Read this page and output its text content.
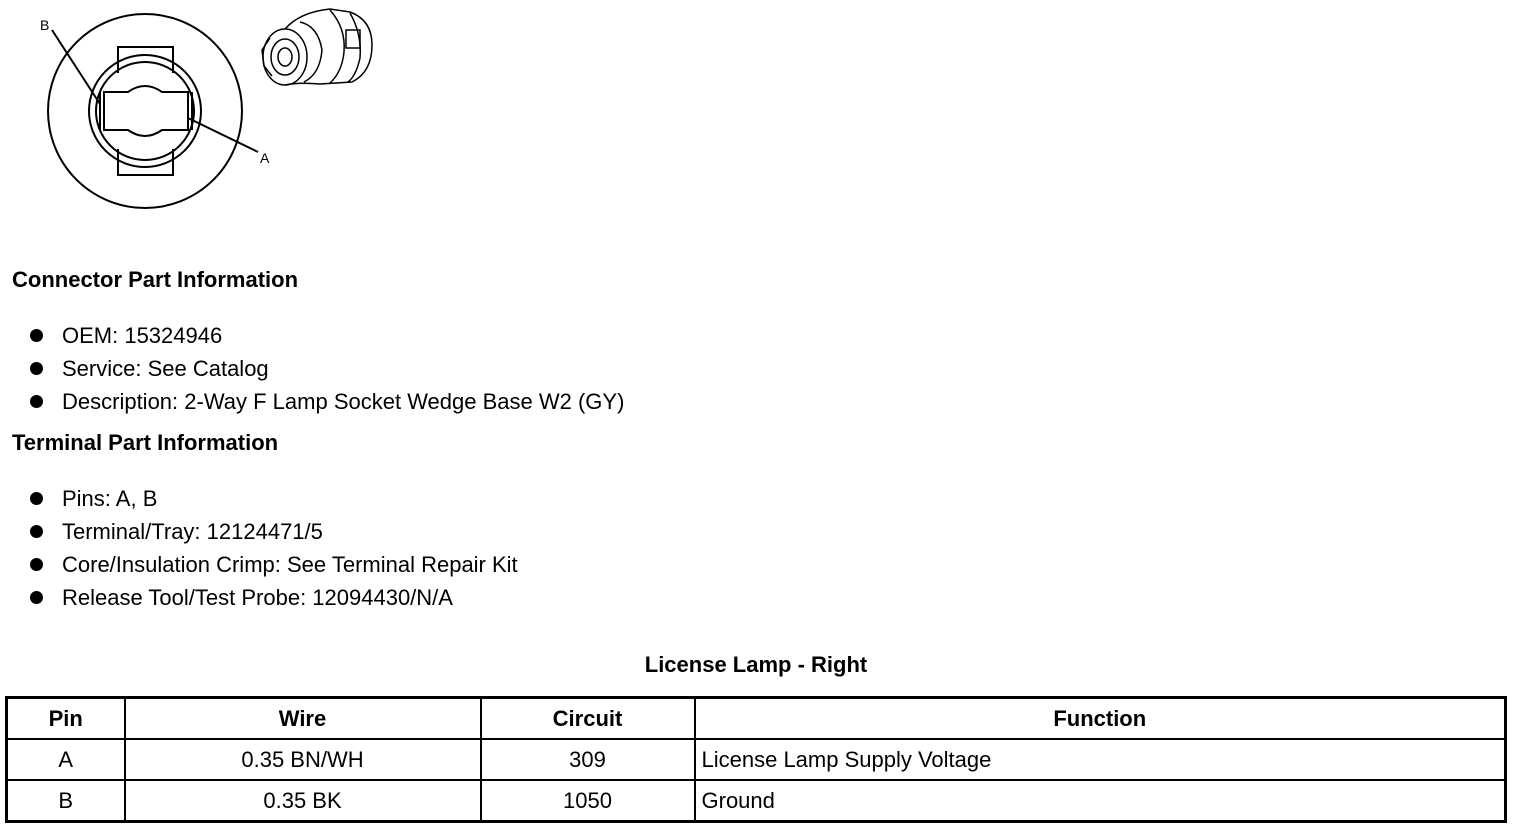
B
A
Connector Part Information
OEM: 15324946
Service: See Catalog
Description: 2-Way F Lamp Socket Wedge Base W2 (GY)
Terminal Part Information
Pins: A, B
Terminal/Tray: 12124471/5
Core/Insulation Crimp: See Terminal Repair Kit
Release Tool/Test Probe: 12094430/N/A
License Lamp - Right
Pin	Wire	Circuit	Function
A	0.35 BN/WH	309	License Lamp Supply Voltage
B	0.35 BK	1050	Ground
